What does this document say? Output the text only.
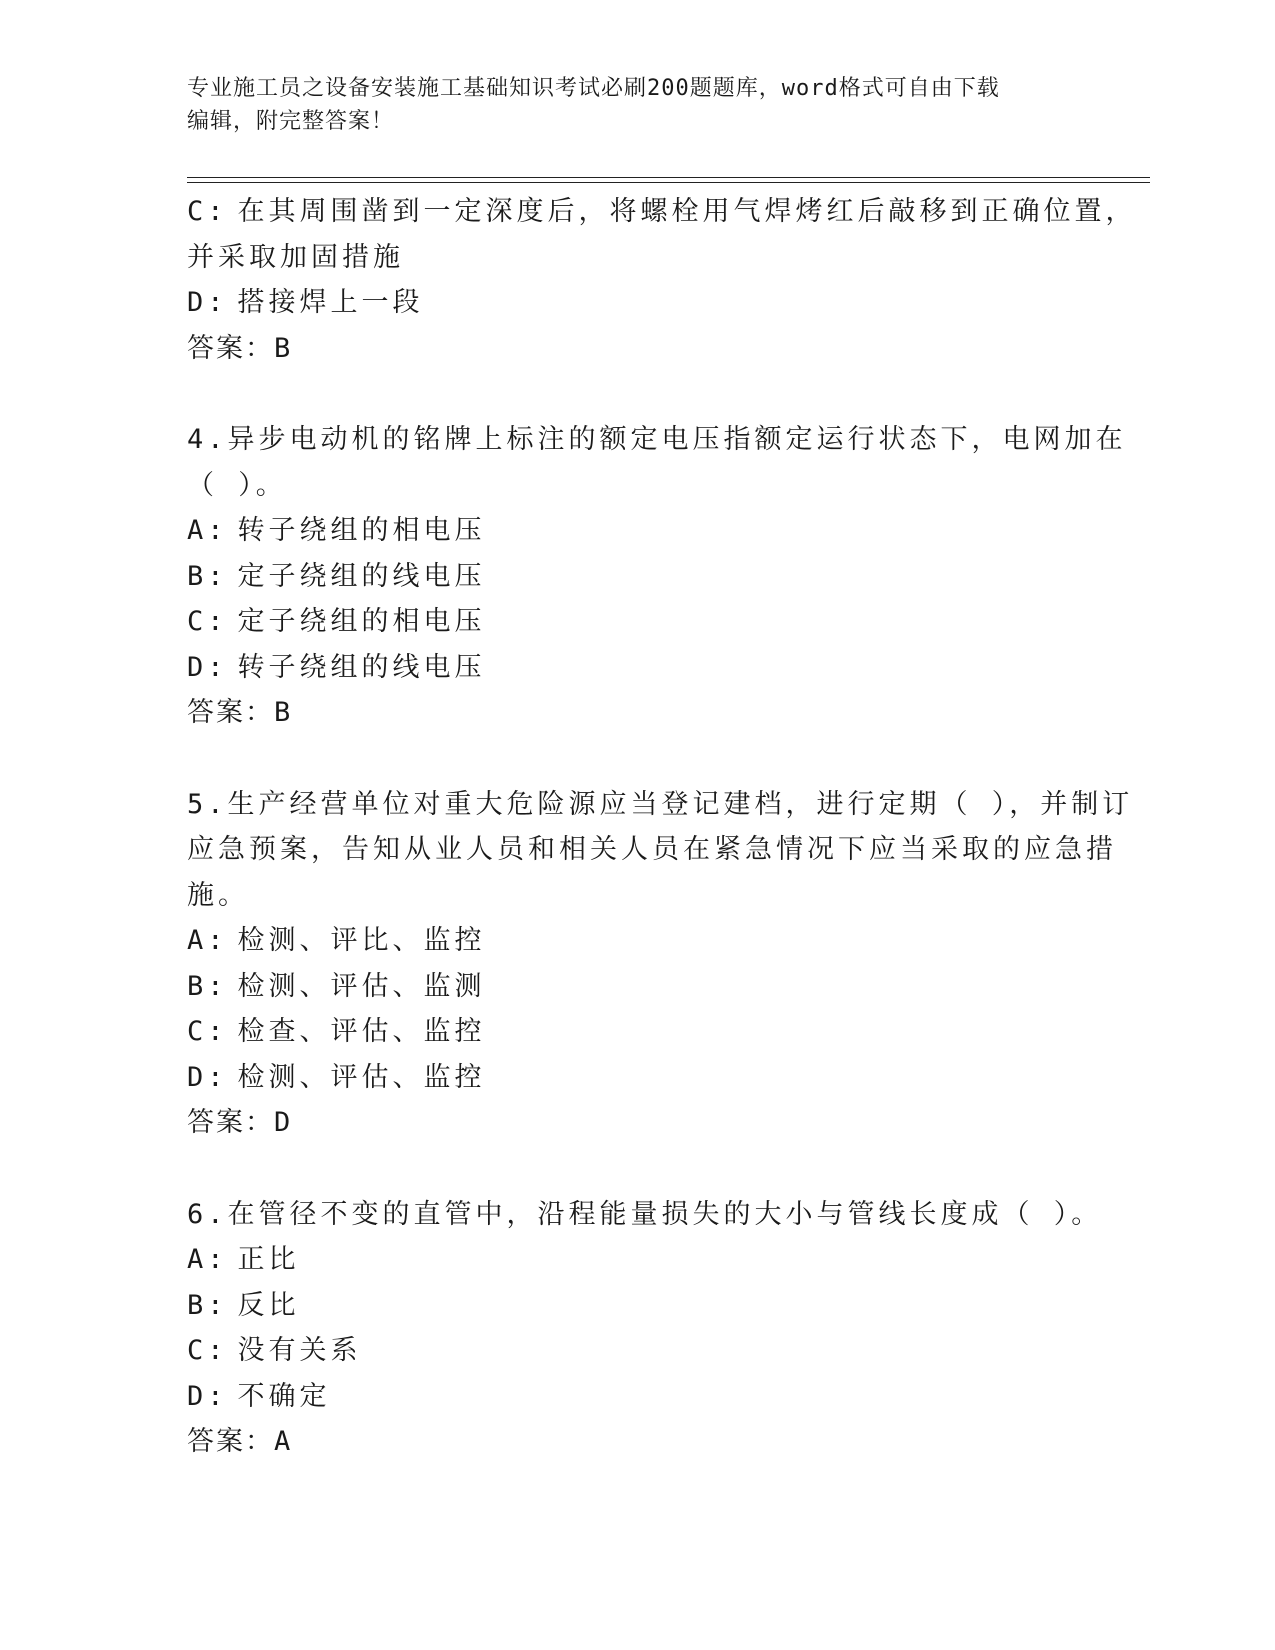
专业施工员之设备安装施工基础知识考试必刷200题题库，word格式可自由下载
编辑，附完整答案！
C: 在其周围凿到一定深度后，将螺栓用气焊烤红后敲移到正确位置，
并采取加固措施
D: 搭接焊上一段
答案：B
4.异步电动机的铭牌上标注的额定电压指额定运行状态下，电网加在
（ ）。
A: 转子绕组的相电压
B: 定子绕组的线电压
C: 定子绕组的相电压
D: 转子绕组的线电压
答案：B
5.生产经营单位对重大危险源应当登记建档，进行定期（ ），并制订
应急预案，告知从业人员和相关人员在紧急情况下应当采取的应急措
施。
A: 检测、评比、监控
B: 检测、评估、监测
C: 检查、评估、监控
D: 检测、评估、监控
答案：D
6.在管径不变的直管中，沿程能量损失的大小与管线长度成（ ）。
A: 正比
B: 反比
C: 没有关系
D: 不确定
答案：A
